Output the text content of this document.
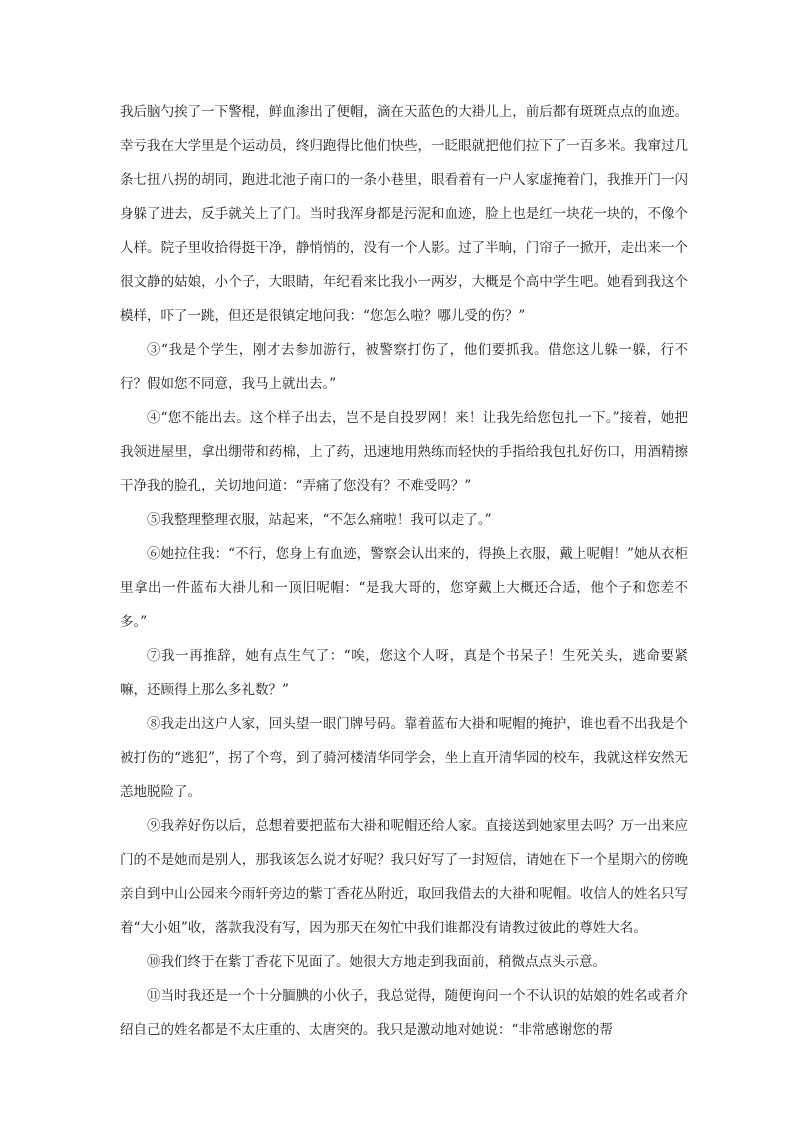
我后脑勺挨了一下警棍，鲜血渗出了便帽，滴在天蓝色的大褂儿上，前后都有斑斑点点的血迹。幸亏我在大学里是个运动员，终归跑得比他们快些，一眨眼就把他们拉下了一百多米。我窜过几条七扭八拐的胡同，跑进北池子南口的一条小巷里，眼看着有一户人家虚掩着门，我推开门一闪身躲了进去，反手就关上了门。当时我浑身都是污泥和血迹，脸上也是红一块花一块的，不像个人样。院子里收拾得挺干净，静悄悄的，没有一个人影。过了半晌，门帘子一掀开，走出来一个很文静的姑娘，小个子，大眼睛，年纪看来比我小一两岁，大概是个高中学生吧。她看到我这个模样，吓了一跳，但还是很镇定地问我：“您怎么啦？哪儿受的伤？”

③“我是个学生，刚才去参加游行，被警察打伤了，他们要抓我。借您这儿躲一躲，行不行？假如您不同意，我马上就出去。”

④“您不能出去。这个样子出去，岂不是自投罗网！来！让我先给您包扎一下。”接着，她把我领进屋里，拿出绷带和药棉，上了药，迅速地用熟练而轻快的手指给我包扎好伤口，用酒精擦干净我的脸孔，关切地问道：“弄痛了您没有？不难受吗？”

⑤我整理整理衣服，站起来，“不怎么痛啦！我可以走了。”

⑥她拉住我：“不行，您身上有血迹，警察会认出来的，得换上衣服，戴上呢帽！”她从衣柜里拿出一件蓝布大褂儿和一顶旧呢帽：“是我大哥的，您穿戴上大概还合适，他个子和您差不多。”

⑦我一再推辞，她有点生气了：“唉，您这个人呀，真是个书呆子！生死关头，逃命要紧嘛，还顾得上那么多礼数？”

⑧我走出这户人家，回头望一眼门牌号码。靠着蓝布大褂和呢帽的掩护，谁也看不出我是个被打伤的“逃犯”，拐了个弯，到了骑河楼清华同学会，坐上直开清华园的校车，我就这样安然无恙地脱险了。

⑨我养好伤以后，总想着要把蓝布大褂和呢帽还给人家。直接送到她家里去吗？万一出来应门的不是她而是别人，那我该怎么说才好呢？我只好写了一封短信，请她在下一个星期六的傍晚亲自到中山公园来今雨轩旁边的紫丁香花丛附近，取回我借去的大褂和呢帽。收信人的姓名只写着“大小姐”收，落款我没有写，因为那天在匆忙中我们谁都没有请教过彼此的尊姓大名。

⑩我们终于在紫丁香花下见面了。她很大方地走到我面前，稍微点点头示意。

⑪当时我还是一个十分腼腆的小伙子，我总觉得，随便询问一个不认识的姑娘的姓名或者介绍自己的姓名都是不太庄重的、太唐突的。我只是激动地对她说：“非常感谢您的帮
